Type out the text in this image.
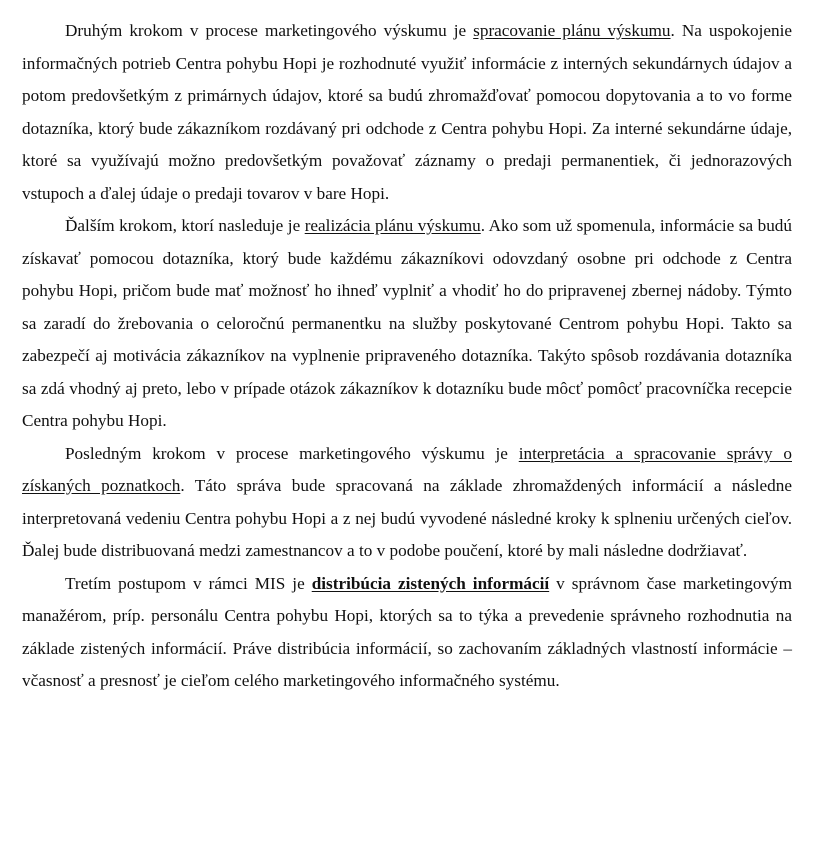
Druhým krokom v procese marketingového výskumu je spracovanie plánu výskumu. Na uspokojenie informačných potrieb Centra pohybu Hopi je rozhodnuté využiť informácie z interných sekundárnych údajov a potom predovšetkým z primárnych údajov, ktoré sa budú zhromažďovať pomocou dopytovania a to vo forme dotazníka, ktorý bude zákazníkom rozdávaný pri odchode z Centra pohybu Hopi. Za interné sekundárne údaje, ktoré sa využívajú možno predovšetkým považovať záznamy o predaji permanentiek, či jednorazových vstupoch a ďalej údaje o predaji tovarov v bare Hopi.

Ďalším krokom, ktorí nasleduje je realizácia plánu výskumu. Ako som už spomenula, informácie sa budú získavať pomocou dotazníka, ktorý bude každému zákazníkovi odovzdaný osobne pri odchode z Centra pohybu Hopi, pričom bude mať možnosť ho ihneď vyplniť a vhodiť ho do pripravenej zbernej nádoby. Týmto sa zaradí do žrebovania o celoročnú permanentku na služby poskytované Centrom pohybu Hopi. Takto sa zabezpečí aj motivácia zákazníkov na vyplnenie pripraveného dotazníka. Takýto spôsob rozdávania dotazníka sa zdá vhodný aj preto, lebo v prípade otázok zákazníkov k dotazníku bude môcť pomôcť pracovníčka recepcie Centra pohybu Hopi.

Posledným krokom v procese marketingového výskumu je interpretácia a spracovanie správy o získaných poznatkoch. Táto správa bude spracovaná na základe zhromaždených informácií a následne interpretovaná vedeniu Centra pohybu Hopi a z nej budú vyvodené následné kroky k splneniu určených cieľov. Ďalej bude distribuovaná medzi zamestnancov a to v podobe poučení, ktoré by mali následne dodržiavať.

Tretím postupom v rámci MIS je distribúcia zistených informácií v správnom čase marketingovým manažérom, príp. personálu Centra pohybu Hopi, ktorých sa to týka a prevedenie správneho rozhodnutia na základe zistených informácií. Práve distribúcia informácií, so zachovaním základných vlastností informácie – včasnosť a presnosť je cieľom celého marketingového informačného systému.
